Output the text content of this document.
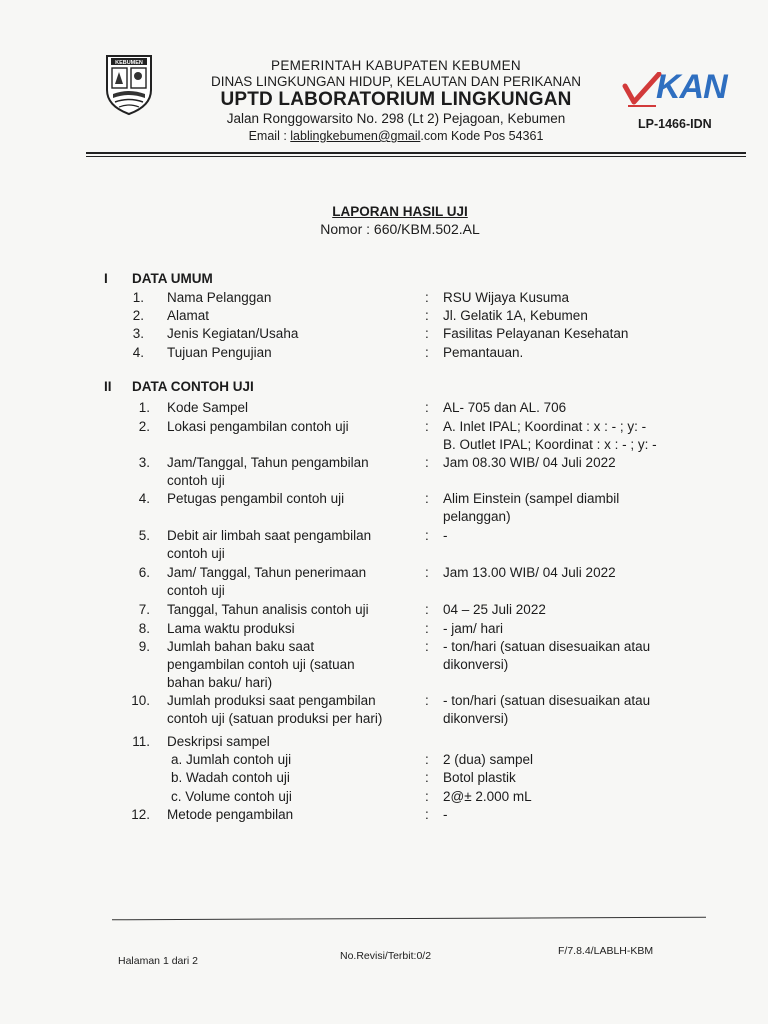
KEBUMEN	PEMERINTAH KABUPATEN KEBUMEN
DINAS LINGKUNGAN HIDUP, KELAUTAN DAN PERIKANAN
UPTD LABORATORIUM LINGKUNGAN
Jalan Ronggowarsito No. 298 (Lt 2) Pejagoan, Kebumen
Email : lablingkebumen@gmail.com Kode Pos 54361
KAN
LP-1466-IDN
LAPORAN HASIL UJI
Nomor : 660/KBM.502.AL
I DATA UMUM
II DATA CONTOH UJI
Halaman 1 dari 2	No.Revisi/Terbit:0/2	F/7.8.4/LABLH-KBM
1. Nama Pelanggan	: RSU Wijaya Kusuma
2. Alamat	: Jl. Gelatik 1A, Kebumen
3. Jenis Kegiatan/Usaha	: Fasilitas Pelayanan Kesehatan
4. Tujuan Pengujian	: Pemantauan.
1. Kode Sampel	: AL- 705 dan AL. 706
2. Lokasi pengambilan contoh uji	: A. Inlet IPAL; Koordinat : x : - ; y: -
B. Outlet IPAL; Koordinat : x : - ; y: -
3. Jam/Tanggal, Tahun pengambilan
contoh uji
: Jam 08.30 WIB/ 04 Juli 2022
4. Petugas pengambil contoh uji	: Alim Einstein (sampel diambil
pelanggan)
5. Debit air limbah saat pengambilan
contoh uji
: -
6. Jam/ Tanggal, Tahun penerimaan
contoh uji
: Jam 13.00 WIB/ 04 Juli 2022
7. Tanggal, Tahun analisis contoh uji	: 04 – 25 Juli 2022
8. Lama waktu produksi	: - jam/ hari
9. Jumlah bahan baku saat
pengambilan contoh uji (satuan
bahan baku/ hari)
: - ton/hari (satuan disesuaikan atau
dikonversi)
10. Jumlah produksi saat pengambilan
contoh uji (satuan produksi per hari)
: - ton/hari (satuan disesuaikan atau
dikonversi)
11. Deskripsi sampel
a. Jumlah contoh uji	: 2 (dua) sampel
b. Wadah contoh uji	: Botol plastik
c. Volume contoh uji	: 2@± 2.000 mL
12. Metode pengambilan	: -
